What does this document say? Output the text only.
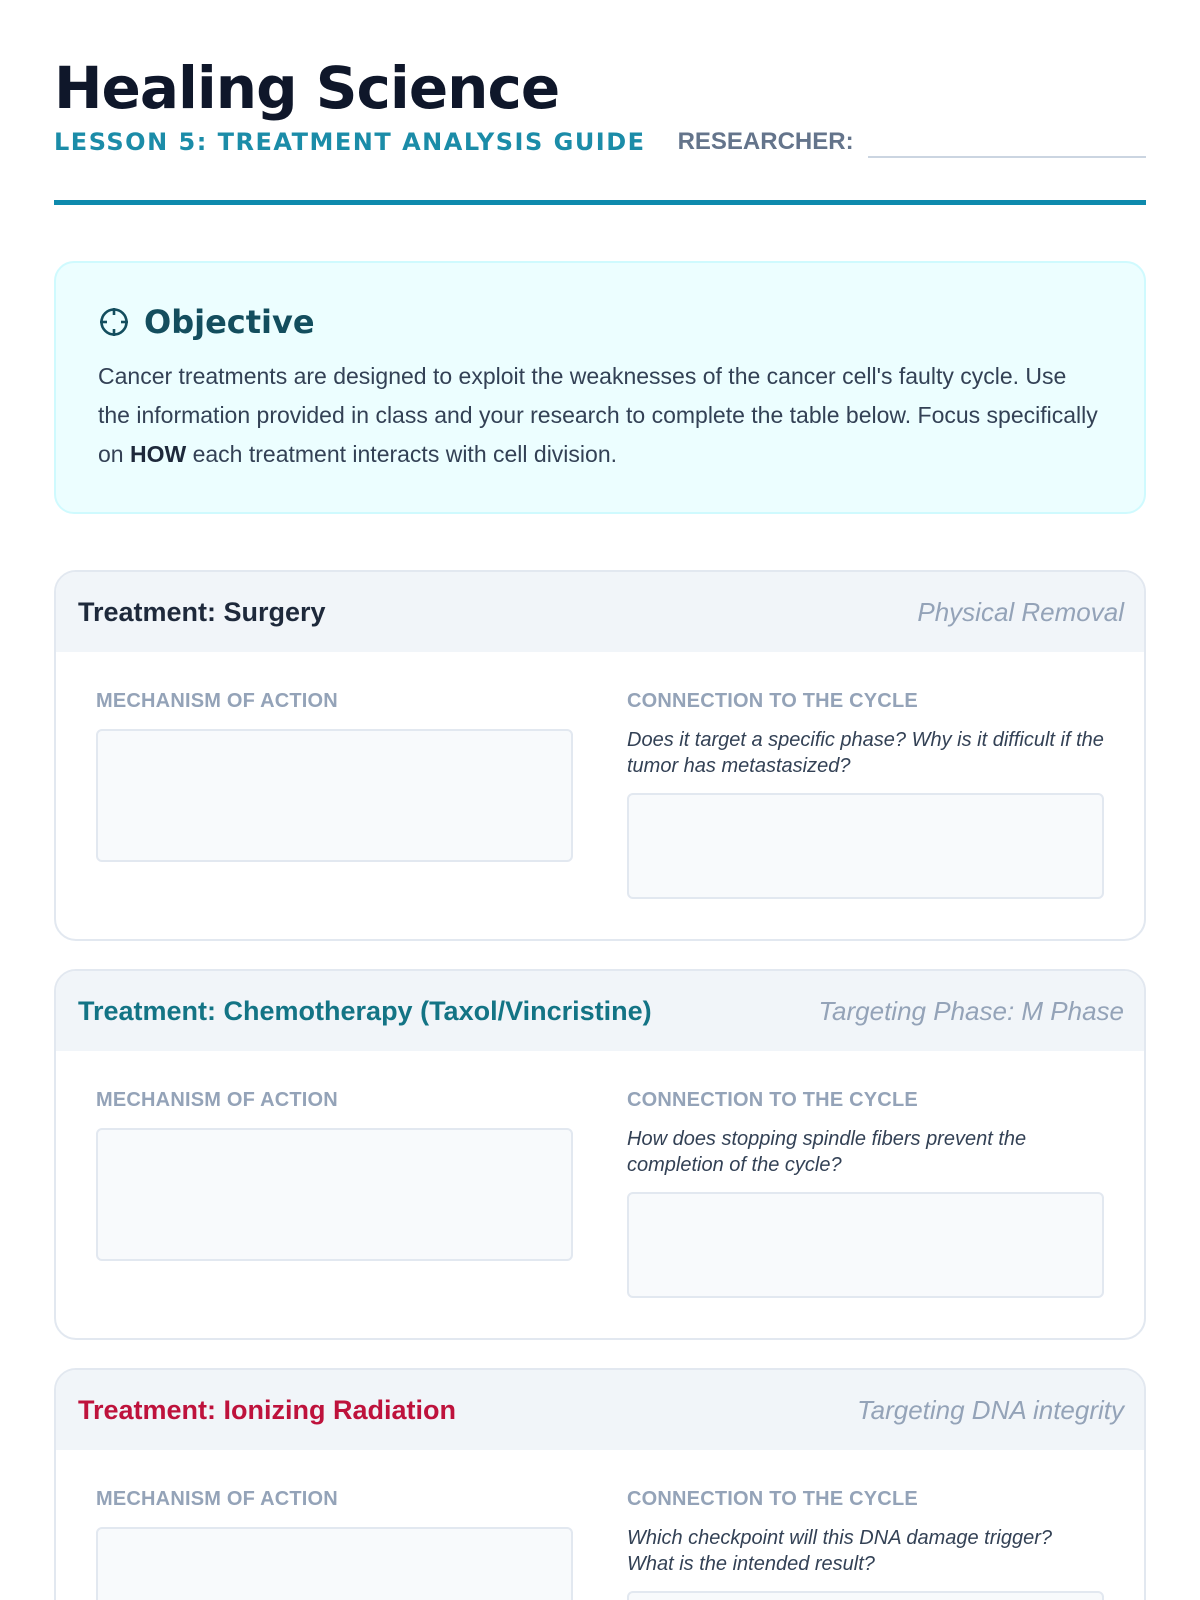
Healing Science
LESSON 5: TREATMENT ANALYSIS GUIDE RESEARCHER:
Objective

Cancer treatments are designed to exploit the weaknesses of the cancer cell's faulty cycle. Use the information provided in class and your research to complete the table below. Focus specifically on HOW each treatment interacts with cell division.

Treatment: Surgery	Physical Removal
MECHANISM OF ACTION	CONNECTION TO THE CYCLE
Does it target a specific phase? Why is it difficult if the tumor has metastasized?
Treatment: Chemotherapy (Taxol/Vincristine)	Targeting Phase: M Phase
MECHANISM OF ACTION	CONNECTION TO THE CYCLE
How does stopping spindle fibers prevent the completion of the cycle?
Treatment: Ionizing Radiation	Targeting DNA integrity
MECHANISM OF ACTION	CONNECTION TO THE CYCLE
Which checkpoint will this DNA damage trigger? What is the intended result?
